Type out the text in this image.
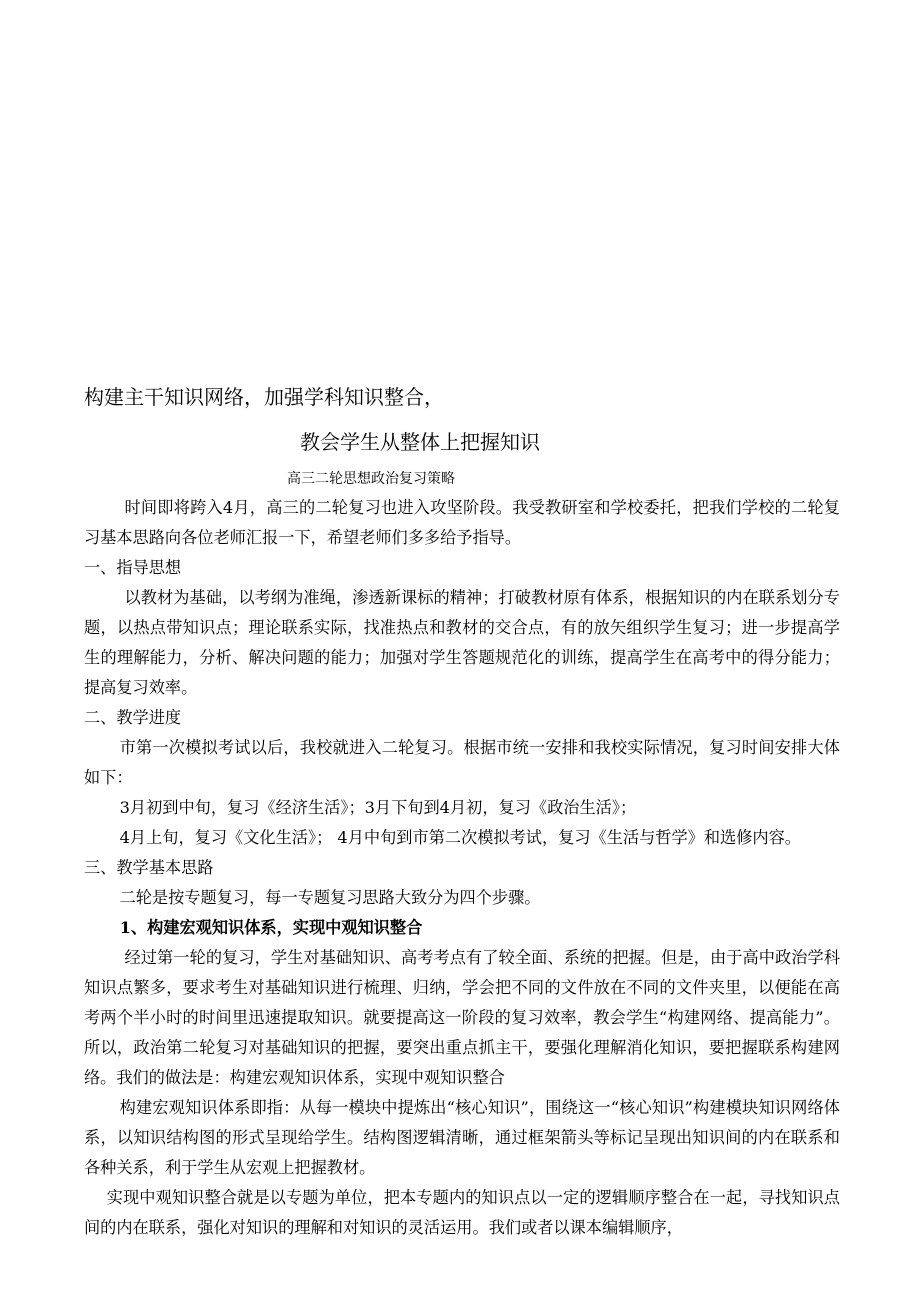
构建主干知识网络，加强学科知识整合，
教会学生从整体上把握知识
高三二轮思想政治复习策略

时间即将跨入4月，高三的二轮复习也进入攻坚阶段。我受教研室和学校委托，把我们学校的二轮复习基本思路向各位老师汇报一下，希望老师们多多给予指导。

一、指导思想

以教材为基础，以考纲为准绳，渗透新课标的精神；打破教材原有体系，根据知识的内在联系划分专题，以热点带知识点；理论联系实际，找准热点和教材的交合点，有的放矢组织学生复习；进一步提高学生的理解能力，分析、解决问题的能力；加强对学生答题规范化的训练，提高学生在高考中的得分能力；提高复习效率。

二、教学进度

市第一次模拟考试以后，我校就进入二轮复习。根据市统一安排和我校实际情况，复习时间安排大体如下：

3月初到中旬，复习《经济生活》；3月下旬到4月初，复习《政治生活》；

4月上旬，复习《文化生活》； 4月中旬到市第二次模拟考试，复习《生活与哲学》和选修内容。

三、教学基本思路

二轮是按专题复习，每一专题复习思路大致分为四个步骤。

1、构建宏观知识体系，实现中观知识整合

经过第一轮的复习，学生对基础知识、高考考点有了较全面、系统的把握。但是，由于高中政治学科知识点繁多，要求考生对基础知识进行梳理、归纳，学会把不同的文件放在不同的文件夹里，以便能在高考两个半小时的时间里迅速提取知识。就要提高这一阶段的复习效率，教会学生“构建网络、提高能力”。所以，政治第二轮复习对基础知识的把握，要突出重点抓主干，要强化理解消化知识，要把握联系构建网络。我们的做法是：构建宏观知识体系，实现中观知识整合

构建宏观知识体系即指：从每一模块中提炼出“核心知识”，围绕这一“核心知识”构建模块知识网络体系，以知识结构图的形式呈现给学生。结构图逻辑清晰，通过框架箭头等标记呈现出知识间的内在联系和各种关系，利于学生从宏观上把握教材。

实现中观知识整合就是以专题为单位，把本专题内的知识点以一定的逻辑顺序整合在一起，寻找知识点间的内在联系，强化对知识的理解和对知识的灵活运用。我们或者以课本编辑顺序，
